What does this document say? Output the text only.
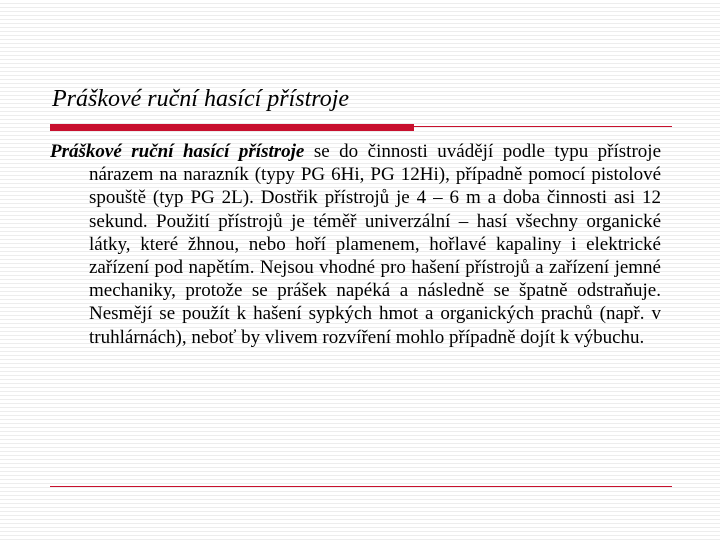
Práškové ruční hasící přístroje

Práškové ruční hasící přístroje se do činnosti uvádějí podle typu přístroje nárazem na narazník (typy PG 6Hi, PG 12Hi), případně pomocí pistolové spouště (typ PG 2L). Dostřik přístrojů je 4 – 6 m a doba činnosti asi 12 sekund. Použití přístrojů je téměř univerzální – hasí všechny organické látky, které žhnou, nebo hoří plamenem, hořlavé kapaliny i elektrické zařízení pod napětím. Nejsou vhodné pro hašení přístrojů a zařízení jemné mechaniky, protože se prášek napéká a následně se špatně odstraňuje. Nesmějí se použít k hašení sypkých hmot a organických prachů (např. v truhlárnách), neboť by vlivem rozvíření mohlo případně dojít k výbuchu.
